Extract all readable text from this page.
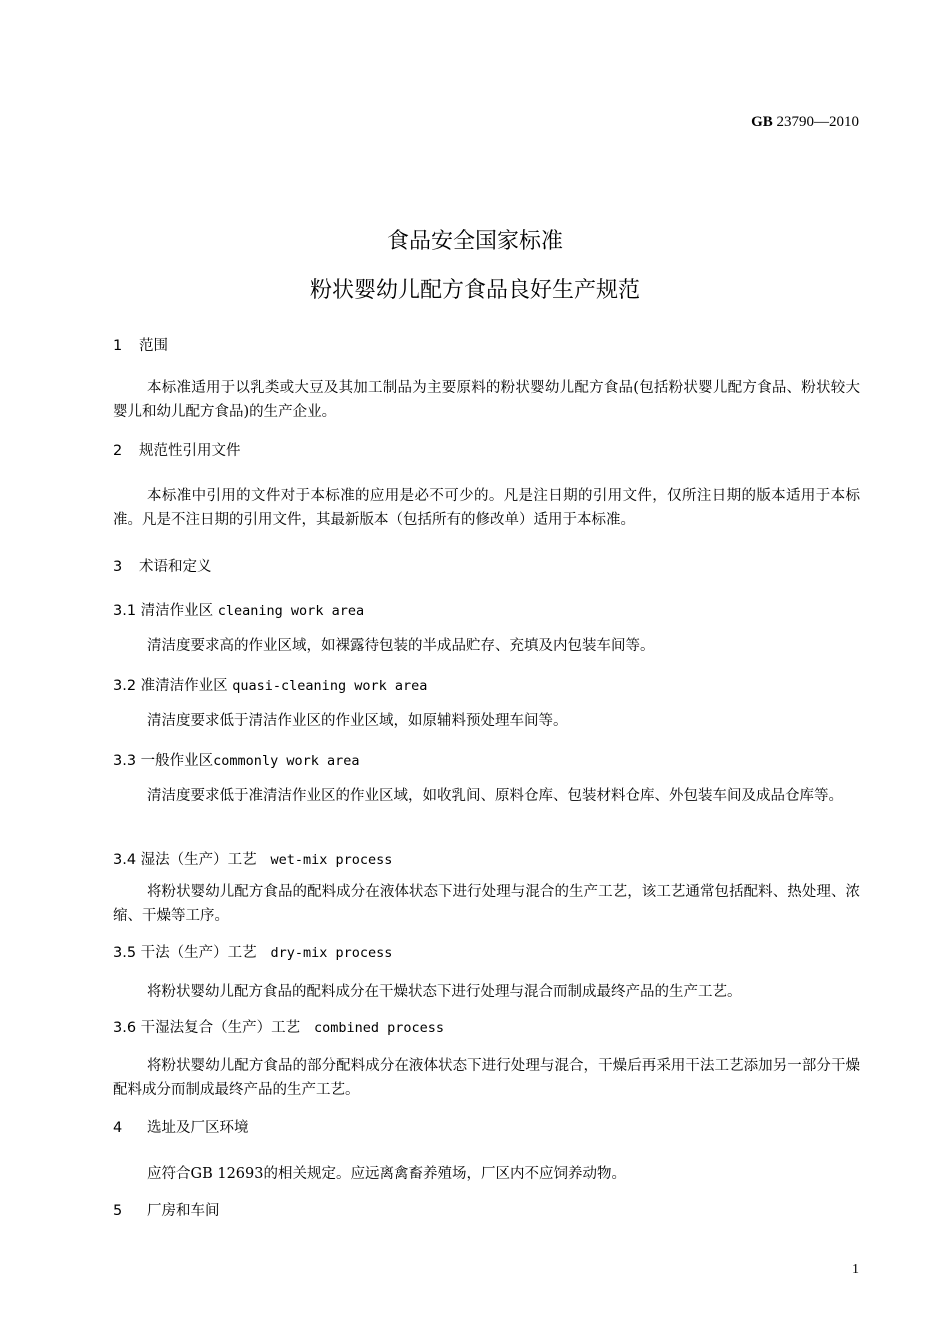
GB 23790—2010
食品安全国家标准
粉状婴幼儿配方食品良好生产规范
1 范围
本标准适用于以乳类或大豆及其加工制品为主要原料的粉状婴幼儿配方食品(包括粉状婴儿配方食品、粉状较大婴儿和幼儿配方食品)的生产企业。
2 规范性引用文件
本标准中引用的文件对于本标准的应用是必不可少的。凡是注日期的引用文件，仅所注日期的版本适用于本标准。凡是不注日期的引用文件，其最新版本（包括所有的修改单）适用于本标准。
3 术语和定义
3.1 清洁作业区 cleaning work area
清洁度要求高的作业区域，如裸露待包装的半成品贮存、充填及内包装车间等。
3.2 准清洁作业区 quasi-cleaning work area
清洁度要求低于清洁作业区的作业区域，如原辅料预处理车间等。
3.3 一般作业区commonly work area
清洁度要求低于准清洁作业区的作业区域，如收乳间、原料仓库、包装材料仓库、外包装车间及成品仓库等。
3.4 湿法（生产）工艺 wet-mix process
将粉状婴幼儿配方食品的配料成分在液体状态下进行处理与混合的生产工艺，该工艺通常包括配料、热处理、浓缩、干燥等工序。
3.5 干法（生产）工艺 dry-mix process
将粉状婴幼儿配方食品的配料成分在干燥状态下进行处理与混合而制成最终产品的生产工艺。
3.6 干湿法复合（生产）工艺 combined process
将粉状婴幼儿配方食品的部分配料成分在液体状态下进行处理与混合，干燥后再采用干法工艺添加另一部分干燥配料成分而制成最终产品的生产工艺。
4 选址及厂区环境
应符合GB 12693的相关规定。应远离禽畜养殖场，厂区内不应饲养动物。
5 厂房和车间
1
